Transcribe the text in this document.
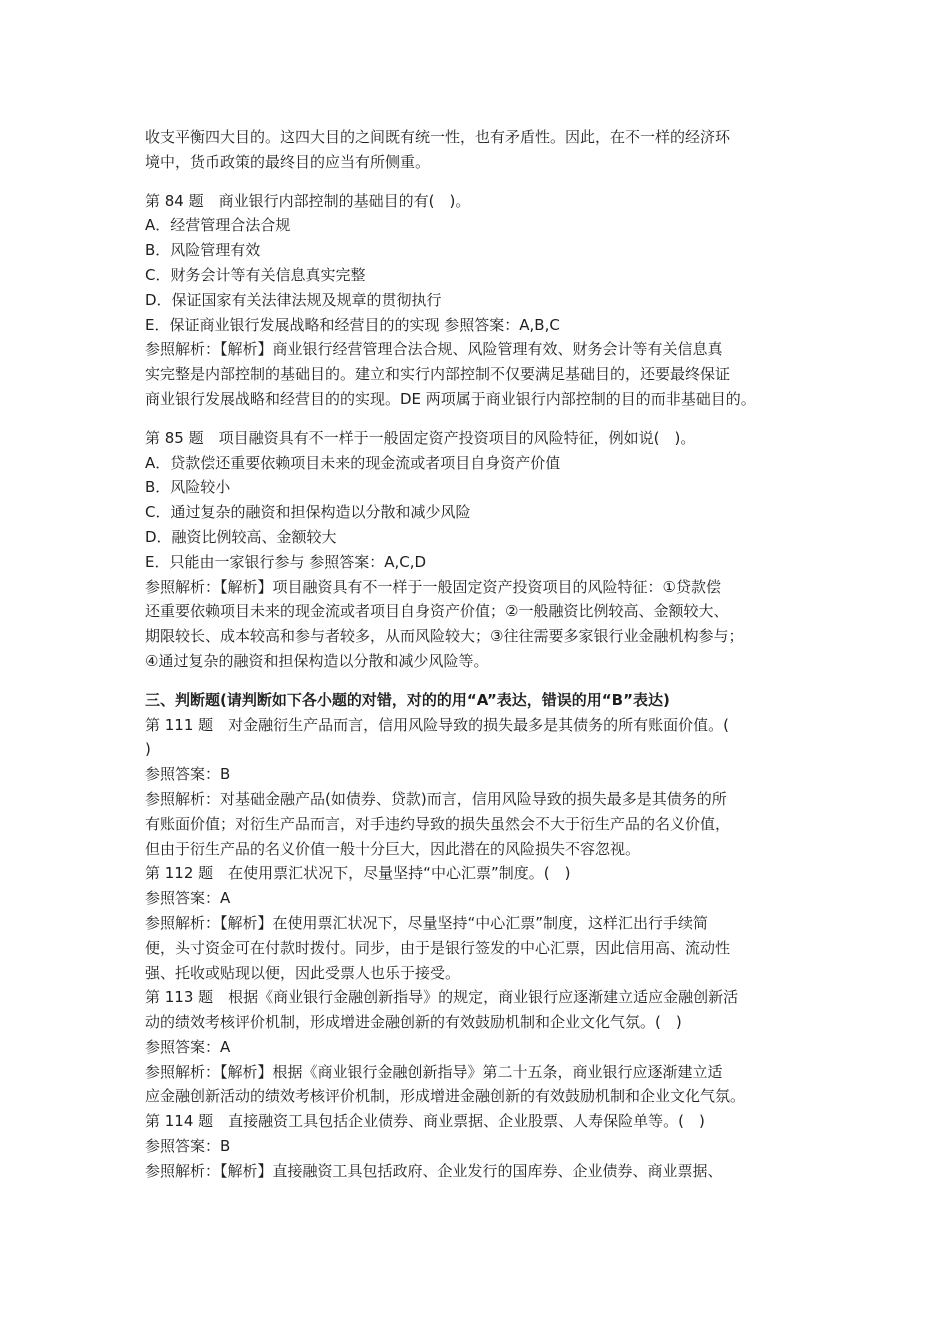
收支平衡四大目的。这四大目的之间既有统一性，也有矛盾性。因此，在不一样的经济环

境中，货币政策的最终目的应当有所侧重。

第 84 题　商业银行内部控制的基础目的有(　)。

A．经营管理合法合规

B．风险管理有效

C．财务会计等有关信息真实完整

D．保证国家有关法律法规及规章的贯彻执行

E．保证商业银行发展战略和经营目的的实现 参照答案：A,B,C

参照解析：【解析】商业银行经营管理合法合规、风险管理有效、财务会计等有关信息真

实完整是内部控制的基础目的。建立和实行内部控制不仅要满足基础目的，还要最终保证

商业银行发展战略和经营目的的实现。DE 两项属于商业银行内部控制的目的而非基础目的。

第 85 题　项目融资具有不一样于一般固定资产投资项目的风险特征，例如说(　)。

A．贷款偿还重要依赖项目未来的现金流或者项目自身资产价值

B．风险较小

C．通过复杂的融资和担保构造以分散和减少风险

D．融资比例较高、金额较大

E．只能由一家银行参与 参照答案：A,C,D

参照解析：【解析】项目融资具有不一样于一般固定资产投资项目的风险特征：①贷款偿

还重要依赖项目未来的现金流或者项目自身资产价值；②一般融资比例较高、金额较大、

期限较长、成本较高和参与者较多，从而风险较大；③往往需要多家银行业金融机构参与；

④通过复杂的融资和担保构造以分散和减少风险等。

三、判断题(请判断如下各小题的对错，对的的用“A”表达，错误的用“B”表达)

第 111 题　对金融衍生产品而言，信用风险导致的损失最多是其债务的所有账面价值。(

)

参照答案：B

参照解析：对基础金融产品(如债券、贷款)而言，信用风险导致的损失最多是其债务的所

有账面价值；对衍生产品而言，对手违约导致的损失虽然会不大于衍生产品的名义价值，

但由于衍生产品的名义价值一般十分巨大，因此潜在的风险损失不容忽视。

第 112 题　在使用票汇状况下，尽量坚持“中心汇票”制度。(　)

参照答案：A

参照解析：【解析】在使用票汇状况下，尽量坚持“中心汇票”制度，这样汇出行手续简

便，头寸资金可在付款时拨付。同步，由于是银行签发的中心汇票，因此信用高、流动性

强、托收或贴现以便，因此受票人也乐于接受。

第 113 题　根据《商业银行金融创新指导》的规定，商业银行应逐渐建立适应金融创新活

动的绩效考核评价机制，形成增进金融创新的有效鼓励机制和企业文化气氛。(　)

参照答案：A

参照解析：【解析】根据《商业银行金融创新指导》第二十五条，商业银行应逐渐建立适

应金融创新活动的绩效考核评价机制，形成增进金融创新的有效鼓励机制和企业文化气氛。

第 114 题　直接融资工具包括企业债券、商业票据、企业股票、人寿保险单等。(　)

参照答案：B

参照解析：【解析】直接融资工具包括政府、企业发行的国库券、企业债券、商业票据、
